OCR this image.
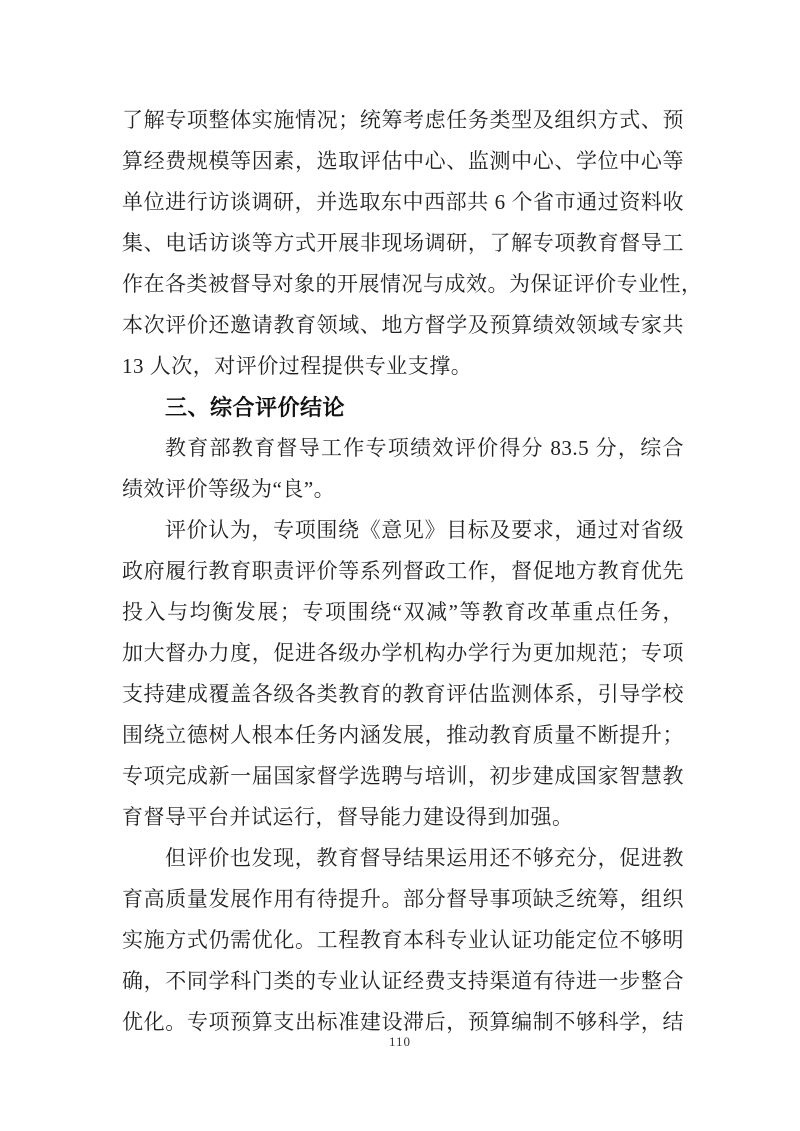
了解专项整体实施情况；统筹考虑任务类型及组织方式、预

算经费规模等因素，选取评估中心、监测中心、学位中心等

单位进行访谈调研，并选取东中西部共 6 个省市通过资料收

集、电话访谈等方式开展非现场调研，了解专项教育督导工

作在各类被督导对象的开展情况与成效。为保证评价专业性，

本次评价还邀请教育领域、地方督学及预算绩效领域专家共

13 人次，对评价过程提供专业支撑。

三、综合评价结论

教育部教育督导工作专项绩效评价得分 83.5 分，综合

绩效评价等级为“良”。

评价认为，专项围绕《意见》目标及要求，通过对省级

政府履行教育职责评价等系列督政工作，督促地方教育优先

投入与均衡发展；专项围绕“双减”等教育改革重点任务，

加大督办力度，促进各级办学机构办学行为更加规范；专项

支持建成覆盖各级各类教育的教育评估监测体系，引导学校

围绕立德树人根本任务内涵发展，推动教育质量不断提升；

专项完成新一届国家督学选聘与培训，初步建成国家智慧教

育督导平台并试运行，督导能力建设得到加强。

但评价也发现，教育督导结果运用还不够充分，促进教

育高质量发展作用有待提升。部分督导事项缺乏统筹，组织

实施方式仍需优化。工程教育本科专业认证功能定位不够明

确，不同学科门类的专业认证经费支持渠道有待进一步整合

优化。专项预算支出标准建设滞后，预算编制不够科学，结

110
